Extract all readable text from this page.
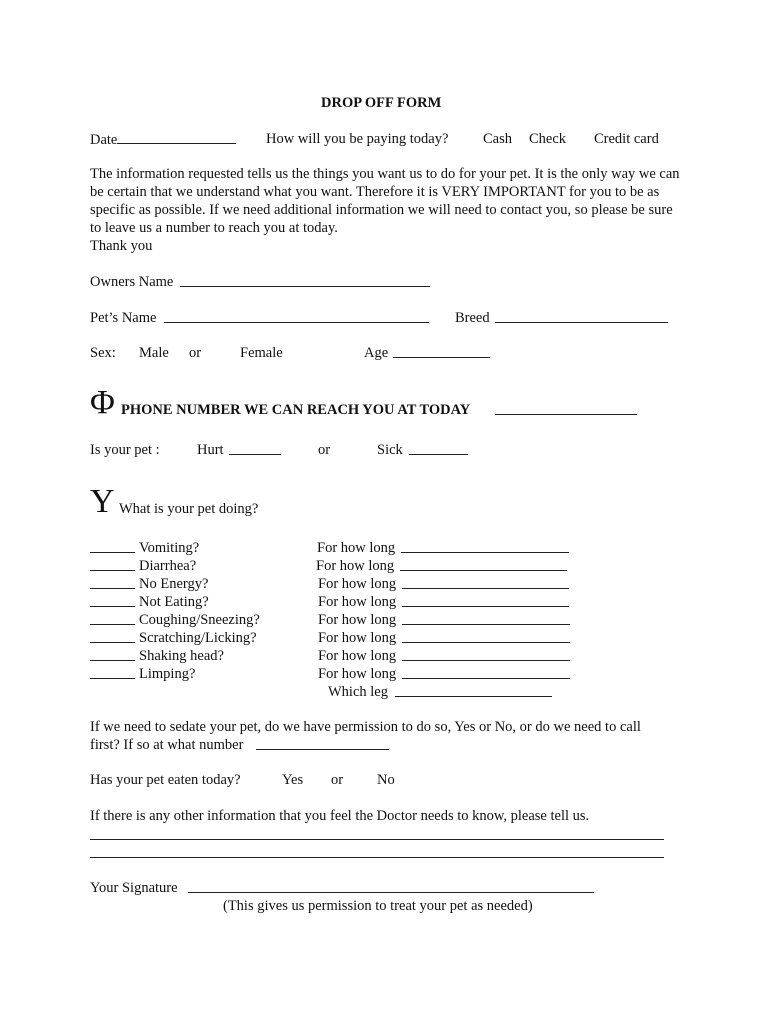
DROP OFF FORM
Date	How will you be paying today? Cash Check Credit card
The information requested tells us the things you want us to do for your pet. It is the only way we can be certain that we understand what you want. Therefore it is VERY IMPORTANT for you to be as specific as possible. If we need additional information we will need to contact you, so please be sure to leave us a number to reach you at today.
Thank you
Owners Name
Pet’s Name	Breed
Sex: Male or	Female	Age
Φ PHONE NUMBER WE CAN REACH YOU AT TODAY
Is your pet :	Hurt	or	Sick
Y What is your pet doing?
Vomiting?	For how long
Diarrhea?	For how long
No Energy?	For how long
Not Eating?	For how long
Coughing/Sneezing?	For how long
Scratching/Licking?	For how long
Shaking head?	For how long
Limping?	For how long
Which leg
If we need to sedate your pet, do we have permission to do so, Yes or No, or do we need to call
first? If so at what number
Has your pet eaten today?	Yes or No
If there is any other information that you feel the Doctor needs to know, please tell us.
Your Signature
(This gives us permission to treat your pet as needed)
